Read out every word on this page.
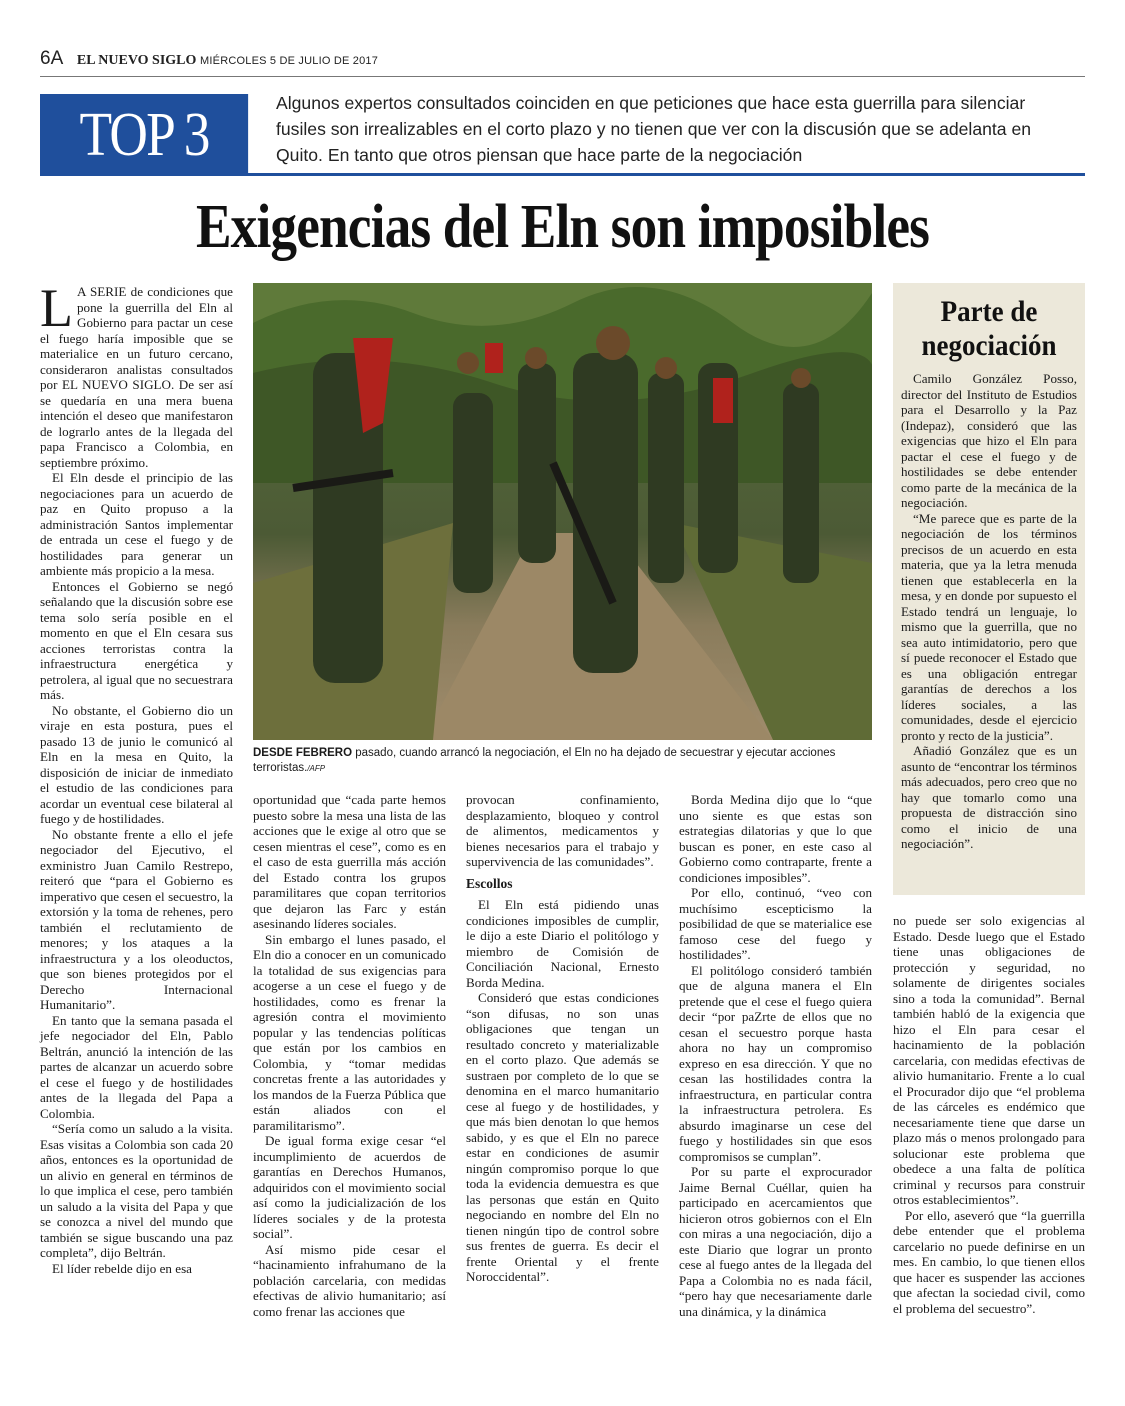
6A EL NUEVO SIGLO MIÉRCOLES 5 DE JULIO DE 2017
TOP 3	Algunos expertos consultados coinciden en que peticiones que hace esta guerrilla para silenciar fusiles son irrealizables en el corto plazo y no tienen que ver con la discusión que se adelanta en Quito. En tanto que otros piensan que hace parte de la negociación
Exigencias del Eln son imposibles

L A SERIE de condiciones que pone la guerrilla del Eln al Gobierno para pactar un cese el fuego haría imposible que se materialice en un futuro cercano, consideraron analistas consultados por EL NUEVO SIGLO. De ser así se quedaría en una mera buena intención el deseo que manifestaron de lograrlo antes de la llegada del papa Francisco a Colombia, en septiembre próximo.

El Eln desde el principio de las negociaciones para un acuerdo de paz en Quito propuso a la administración Santos implementar de entrada un cese el fuego y de hostilidades para generar un ambiente más propicio a la mesa.

Entonces el Gobierno se negó señalando que la discusión sobre ese tema solo sería posible en el momento en que el Eln cesara sus acciones terroristas contra la infraestructura energética y petrolera, al igual que no secuestrara más.

No obstante, el Gobierno dio un viraje en esta postura, pues el pasado 13 de junio le comunicó al Eln en la mesa en Quito, la disposición de iniciar de inmediato el estudio de las condiciones para acordar un eventual cese bilateral al fuego y de hostilidades.

No obstante frente a ello el jefe negociador del Ejecutivo, el exministro Juan Camilo Restrepo, reiteró que “para el Gobierno es imperativo que cesen el secuestro, la extorsión y la toma de rehenes, pero también el reclutamiento de menores; y los ataques a la infraestructura y a los oleoductos, que son bienes protegidos por el Derecho Internacional Humanitario”.

En tanto que la semana pasada el jefe negociador del Eln, Pablo Beltrán, anunció la intención de las partes de alcanzar un acuerdo sobre el cese el fuego y de hostilidades antes de la llegada del Papa a Colombia.

“Sería como un saludo a la visita. Esas visitas a Colombia son cada 20 años, entonces es la oportunidad de un alivio en general en términos de lo que implica el cese, pero también un saludo a la visita del Papa y que se conozca a nivel del mundo que también se sigue buscando una paz completa”, dijo Beltrán.

El líder rebelde dijo en esa

DESDE FEBRERO pasado, cuando arrancó la negociación, el Eln no ha dejado de secuestrar y ejecutar acciones terroristas./AFP

oportunidad que “cada parte hemos puesto sobre la mesa una lista de las acciones que le exige al otro que se cesen mientras el cese”, como es en el caso de esta guerrilla más acción del Estado contra los grupos paramilitares que copan territorios que dejaron las Farc y están asesinando líderes sociales.

Sin embargo el lunes pasado, el Eln dio a conocer en un comunicado la totalidad de sus exigencias para acogerse a un cese el fuego y de hostilidades, como es frenar la agresión contra el movimiento popular y las tendencias políticas que están por los cambios en Colombia, y “tomar medidas concretas frente a las autoridades y los mandos de la Fuerza Pública que están aliados con el paramilitarismo”.

De igual forma exige cesar “el incumplimiento de acuerdos de garantías en Derechos Humanos, adquiridos con el movimiento social así como la judicialización de los líderes sociales y de la protesta social”.

Así mismo pide cesar el “hacinamiento infrahumano de la población carcelaria, con medidas efectivas de alivio humanitario; así como frenar las acciones que

provocan confinamiento, desplazamiento, bloqueo y control de alimentos, medicamentos y bienes necesarios para el trabajo y supervivencia de las comunidades”.

Escollos

El Eln está pidiendo unas condiciones imposibles de cumplir, le dijo a este Diario el politólogo y miembro de Comisión de Conciliación Nacional, Ernesto Borda Medina.

Consideró que estas condiciones “son difusas, no son unas obligaciones que tengan un resultado concreto y materializable en el corto plazo. Que además se sustraen por completo de lo que se denomina en el marco humanitario cese al fuego y de hostilidades, y que más bien denotan lo que hemos sabido, y es que el Eln no parece estar en condiciones de asumir ningún compromiso porque lo que toda la evidencia demuestra es que las personas que están en Quito negociando en nombre del Eln no tienen ningún tipo de control sobre sus frentes de guerra. Es decir el frente Oriental y el frente Noroccidental”.

Borda Medina dijo que lo “que uno siente es que estas son estrategias dilatorias y que lo que buscan es poner, en este caso al Gobierno como contraparte, frente a condiciones imposibles”.

Por ello, continuó, “veo con muchísimo escepticismo la posibilidad de que se materialice ese famoso cese del fuego y hostilidades”.

El politólogo consideró también que de alguna manera el Eln pretende que el cese el fuego quiera decir “por paZrte de ellos que no cesan el secuestro porque hasta ahora no hay un compromiso expreso en esa dirección. Y que no cesan las hostilidades contra la infraestructura, en particular contra la infraestructura petrolera. Es absurdo imaginarse un cese del fuego y hostilidades sin que esos compromisos se cumplan”.

Por su parte el exprocurador Jaime Bernal Cuéllar, quien ha participado en acercamientos que hicieron otros gobiernos con el Eln con miras a una negociación, dijo a este Diario que lograr un pronto cese al fuego antes de la llegada del Papa a Colombia no es nada fácil, “pero hay que necesariamente darle una dinámica, y la dinámica

Parte de negociación

Camilo González Posso, director del Instituto de Estudios para el Desarrollo y la Paz (Indepaz), consideró que las exigencias que hizo el Eln para pactar el cese el fuego y de hostilidades se debe entender como parte de la mecánica de la negociación.

“Me parece que es parte de la negociación de los términos precisos de un acuerdo en esta materia, que ya la letra menuda tienen que establecerla en la mesa, y en donde por supuesto el Estado tendrá un lenguaje, lo mismo que la guerrilla, que no sea auto intimidatorio, pero que sí puede reconocer el Estado que es una obligación entregar garantías de derechos a los líderes sociales, a las comunidades, desde el ejercicio pronto y recto de la justicia”.

Añadió González que es un asunto de “encontrar los términos más adecuados, pero creo que no hay que tomarlo como una propuesta de distracción sino como el inicio de una negociación”.

no puede ser solo exigencias al Estado. Desde luego que el Estado tiene unas obligaciones de protección y seguridad, no solamente de dirigentes sociales sino a toda la comunidad”. Bernal también habló de la exigencia que hizo el Eln para cesar el hacinamiento de la población carcelaria, con medidas efectivas de alivio humanitario. Frente a lo cual el Procurador dijo que “el problema de las cárceles es endémico que necesariamente tiene que darse un plazo más o menos prolongado para solucionar este problema que obedece a una falta de política criminal y recursos para construir otros establecimientos”.

Por ello, aseveró que “la guerrilla debe entender que el problema carcelario no puede definirse en un mes. En cambio, lo que tienen ellos que hacer es suspender las acciones que afectan la sociedad civil, como el problema del secuestro”.
